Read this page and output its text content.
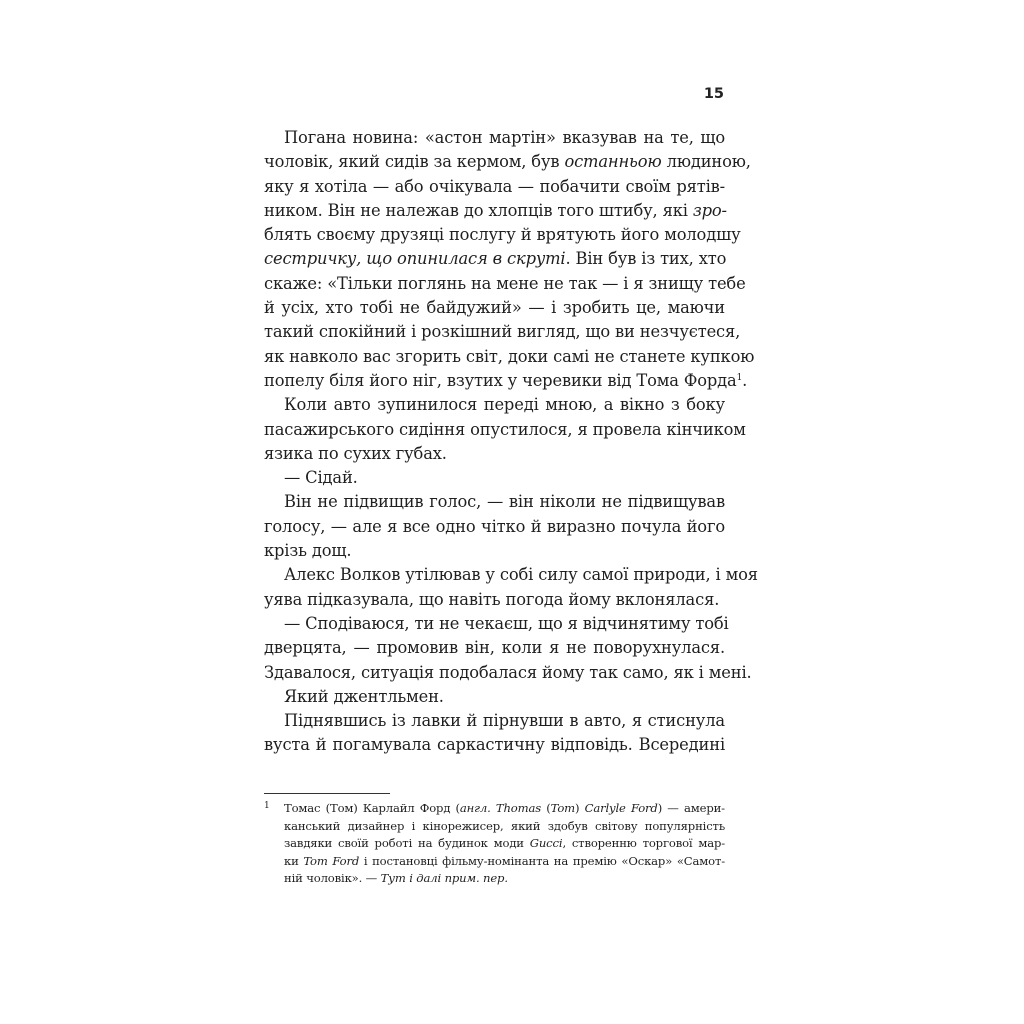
15
Погана новина: «астон мартін» вказував на те, що
чоловік, який сидів за кермом, був останньою людиною,
яку я хотіла — або очікувала — побачити своїм рятів-
ником. Він не належав до хлопців того штибу, які зро-
блять своєму друзяці послугу й врятують його молодшу
сестричку, що опинилася в скруті. Він був із тих, хто
скаже: «Тільки поглянь на мене не так — і я знищу тебе
й усіх, хто тобі не байдужий» — і зробить це, маючи
такий спокійний і розкішний вигляд, що ви незчуєтеся,
як навколо вас згорить світ, доки самі не станете купкою
попелу біля його ніг, взутих у черевики від Тома Форда$^1$.
Коли авто зупинилося переді мною, а вікно з боку
пасажирського сидіння опустилося, я провела кінчиком
язика по сухих губах.
— Сідай.
Він не підвищив голос, — він ніколи не підвищував
голосу, — але я все одно чітко й виразно почула його
крізь дощ.
Алекс Волков утілював у собі силу самої природи, і моя
уява підказувала, що навіть погода йому вклонялася.
— Сподіваюся, ти не чекаєш, що я відчинятиму тобі
дверцята, — промовив він, коли я не поворухнулася.
Здавалося, ситуація подобалася йому так само, як і мені.
Який джентльмен.
Піднявшись із лавки й пірнувши в авто, я стиснула
вуста й погамувала саркастичну відповідь. Всередині
1 Томас (Том) Карлайл Форд (англ. Thomas (Tom) Carlyle Ford) — амери-
канський дизайнер і кінорежисер, який здобув світову популярність
завдяки своїй роботі на будинок моди Gucci, створенню торгової мар-
ки Tom Ford і постановці фільму-номінанта на премію «Оскар» «Самот-
ній чоловік». — Тут і далі прим. пер.
